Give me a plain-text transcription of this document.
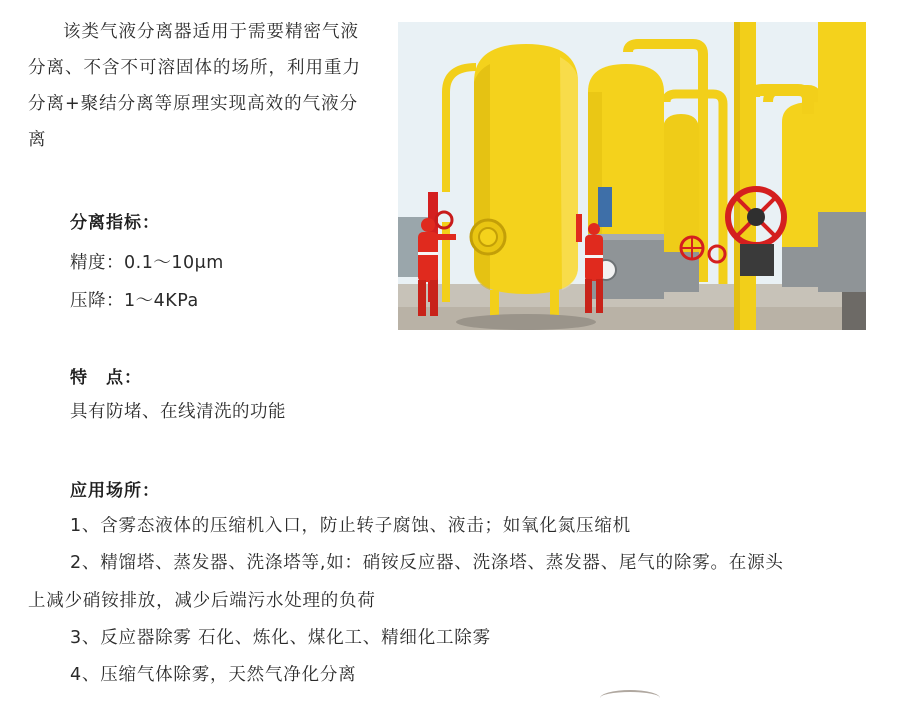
该类气液分离器适用于需要精密气液分离、不含不可溶固体的场所，利用重力分离+聚结分离等原理实现高效的气液分离
分离指标：
精度：0.1～10μm
压降：1～4KPa
特　点：
具有防堵、在线清洗的功能
应用场所：
1、含雾态液体的压缩机入口，防止转子腐蚀、液击；如氧化氮压缩机
2、精馏塔、蒸发器、洗涤塔等,如：硝铵反应器、洗涤塔、蒸发器、尾气的除雾。在源头
上减少硝铵排放，减少后端污水处理的负荷
3、反应器除雾 石化、炼化、煤化工、精细化工除雾
4、压缩气体除雾，天然气净化分离
